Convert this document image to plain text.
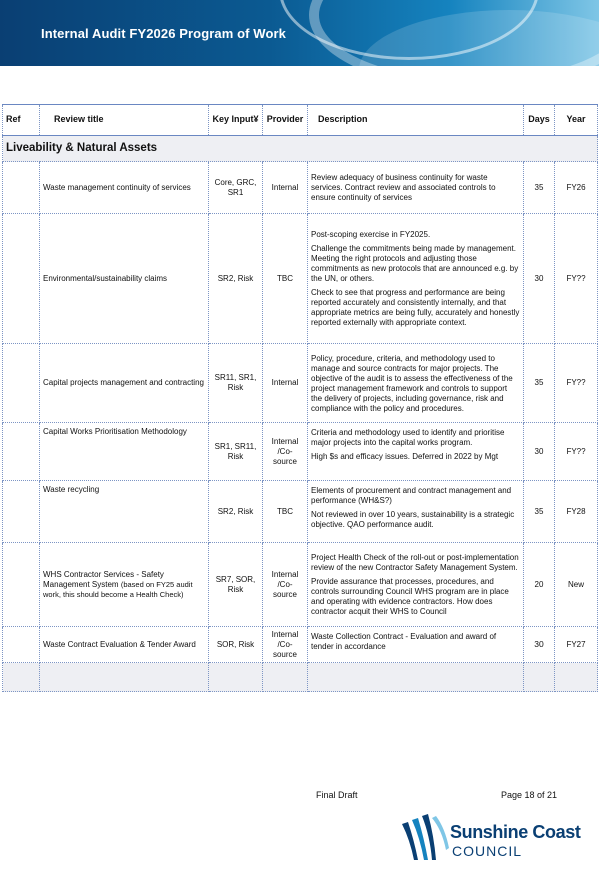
Internal Audit FY2026 Program of Work
Ref	Review title	Key Input¥	Provider	Description	Days	Year
Liveability & Natural Assets						
	Waste management continuity of services	Core, GRC, SR1	Internal	Review adequacy of business continuity for waste services. Contract review and associated controls to ensure continuity of services	35	FY26
	Environmental/sustainability claims	SR2, Risk	TBC	Post-scoping exercise in FY2025.

Challenge the commitments being made by management. Meeting the right protocols and adjusting those commitments as new protocols that are announced e.g. by the UN, or others.

Check to see that progress and performance are being reported accurately and consistently internally, and that appropriate metrics are being fully, accurately and honestly reported externally with appropriate context.	30	FY??
	Capital projects management and contracting	SR11, SR1, Risk	Internal	Policy, procedure, criteria, and methodology used to manage and source contracts for major projects. The objective of the audit is to assess the effectiveness of the project management framework and controls to support the delivery of projects, including governance, risk and compliance with the policy and procedures.	35	FY??
	Capital Works Prioritisation Methodology	SR1, SR11, Risk	Internal /Co-source	Criteria and methodology used to identify and prioritise major projects into the capital works program.

High $s and efficacy issues. Deferred in 2022 by Mgt	30	FY??
	Waste recycling	SR2, Risk	TBC	Elements of procurement and contract management and performance (WH&S?)

Not reviewed in over 10 years, sustainability is a strategic objective. QAO performance audit.	35	FY28
	WHS Contractor Services - Safety Management System (based on FY25 audit work, this should become a Health Check)	SR7, SOR, Risk	Internal /Co-source	Project Health Check of the roll-out or post-implementation review of the new Contractor Safety Management System.

Provide assurance that processes, procedures, and controls surrounding Council WHS program are in place and operating with evidence contractors. How does contractor acquit their WHS to Council	20	New
	Waste Contract Evaluation & Tender Award	SOR, Risk	Internal /Co-source	Waste Collection Contract - Evaluation and award of tender in accordance	30	FY27

Final Draft	Page 18 of 21
Sunshine Coast
COUNCIL
